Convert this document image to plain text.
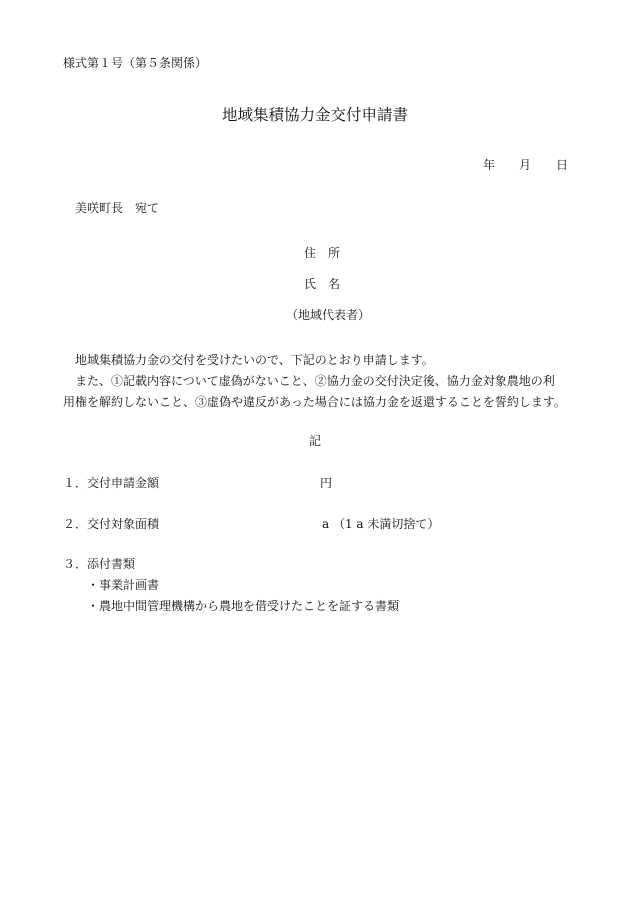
様式第１号（第５条関係）
地域集積協力金交付申請書
年 月 日
美咲町長　宛て
住　所
氏　名
（地域代表者）
地域集積協力金の交付を受けたいので、下記のとおり申請します。
また、①記載内容について虚偽がないこと、②協力金の交付決定後、協力金対象農地の利
用権を解約しないこと、③虚偽や違反があった場合には協力金を返還することを誓約します。
記
１．交付申請金額	円
２．交付対象面積	a （1 a 未満切捨て）
３．添付書類
・事業計画書
・農地中間管理機構から農地を借受けたことを証する書類
